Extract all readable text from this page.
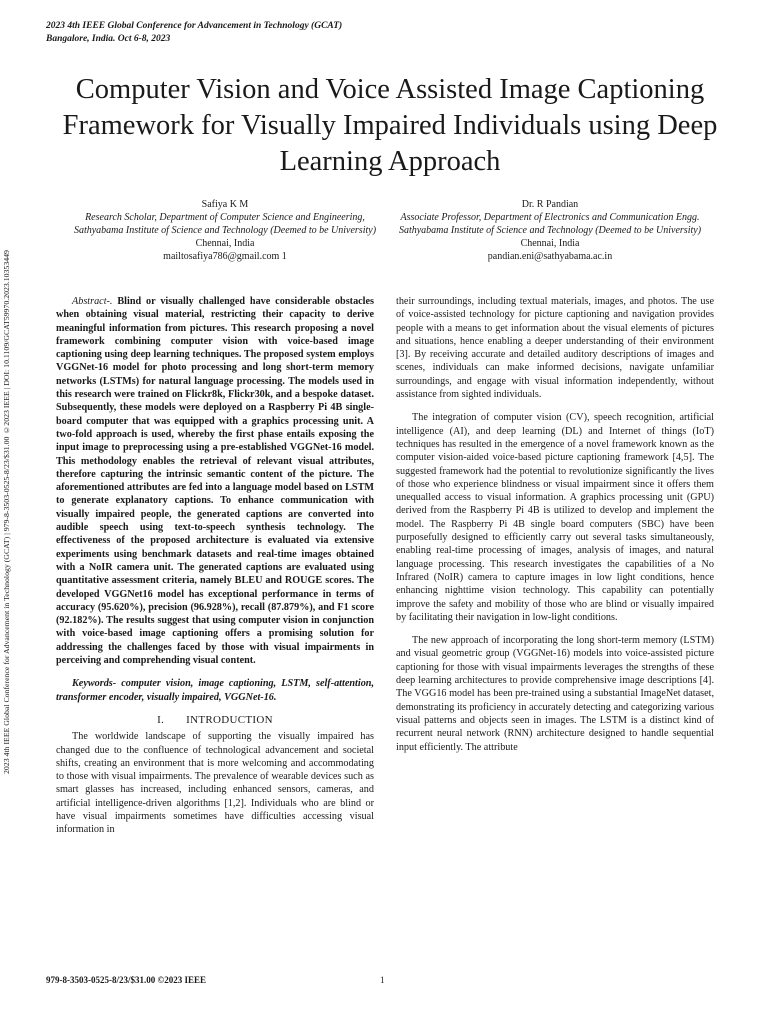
2023 4th IEEE Global Conference for Advancement in Technology (GCAT)
Bangalore, India. Oct 6-8, 2023
2023 4th IEEE Global Conference for Advancement in Technology (GCAT) | 979-8-3503-0525-8/23/$31.00 ©2023 IEEE | DOI: 10.1109/GCAT59970.2023.10353449
Computer Vision and Voice Assisted Image Captioning Framework for Visually Impaired Individuals using Deep Learning Approach
Safiya K M
Research Scholar, Department of Computer Science and Engineering, Sathyabama Institute of Science and Technology (Deemed to be University)
Chennai, India
mailtosafiya786@gmail.com 1
Dr. R Pandian
Associate Professor, Department of Electronics and Communication Engg. Sathyabama Institute of Science and Technology (Deemed to be University)
Chennai, India
pandian.eni@sathyabama.ac.in

Abstract-. Blind or visually challenged have considerable obstacles when obtaining visual material, restricting their capacity to derive meaningful information from pictures. This research proposing a novel framework combining computer vision with voice-based image captioning using deep learning techniques. The proposed system employs VGGNet-16 model for photo processing and long short-term memory networks (LSTMs) for natural language processing. The models used in this research were trained on Flickr8k, Flickr30k, and a bespoke dataset. Subsequently, these models were deployed on a Raspberry Pi 4B single-board computer that was equipped with a graphics processing unit. A two-fold approach is used, whereby the first phase entails exposing the input image to preprocessing using a pre-established VGGNet-16 model. This methodology enables the retrieval of relevant visual attributes, therefore capturing the intrinsic semantic content of the picture. The aforementioned attributes are fed into a language model based on LSTM to generate explanatory captions. To enhance communication with visually impaired people, the generated captions are converted into audible speech using text-to-speech synthesis technology. The effectiveness of the proposed architecture is evaluated via extensive experiments using benchmark datasets and real-time images obtained with a NoIR camera unit. The generated captions are evaluated using quantitative assessment criteria, namely BLEU and ROUGE scores. The developed VGGNet16 model has exceptional performance in terms of accuracy (95.620%), precision (96.928%), recall (87.879%), and F1 score (92.182%). The results suggest that using computer vision in conjunction with voice-based image captioning offers a promising solution for addressing the challenges faced by those with visual impairments in perceiving and comprehending visual content.

Keywords- computer vision, image captioning, LSTM, self-attention, transformer encoder, visually impaired, VGGNet-16.

I. INTRODUCTION

The worldwide landscape of supporting the visually impaired has changed due to the confluence of technological advancement and societal shifts, creating an environment that is more welcoming and accommodating to those with visual impairments. The prevalence of wearable devices such as smart glasses has increased, including enhanced sensors, cameras, and artificial intelligence-driven algorithms [1,2]. Individuals who are blind or have visual impairments sometimes have difficulties accessing visual information in

their surroundings, including textual materials, images, and photos. The use of voice-assisted technology for picture captioning and navigation provides people with a means to get information about the visual elements of pictures and situations, hence enabling a deeper understanding of their environment [3]. By receiving accurate and detailed auditory descriptions of images and scenes, individuals can make informed decisions, navigate unfamiliar surroundings, and engage with visual information independently, without assistance from sighted individuals.

The integration of computer vision (CV), speech recognition, artificial intelligence (AI), and deep learning (DL) and Internet of things (IoT) techniques has resulted in the emergence of a novel framework known as the computer vision-aided voice-based picture captioning framework [4,5]. The suggested framework had the potential to revolutionize significantly the lives of those who experience blindness or visual impairment since it offers them unequalled access to visual information. A graphics processing unit (GPU) derived from the Raspberry Pi 4B is utilized to develop and implement the model. The Raspberry Pi 4B single board computers (SBC) have been purposefully designed to efficiently carry out several tasks simultaneously, enabling real-time processing of images, analysis of images, and natural language processing. This research investigates the capabilities of a No Infrared (NoIR) camera to capture images in low light conditions, hence enhancing nighttime vision technology. This capability can potentially improve the safety and mobility of those who are blind or visually impaired by facilitating their navigation in low-light conditions.

The new approach of incorporating the long short-term memory (LSTM) and visual geometric group (VGGNet-16) models into voice-assisted picture captioning for those with visual impairments leverages the strengths of these deep learning architectures to provide comprehensive image descriptions [4]. The VGG16 model has been pre-trained using a substantial ImageNet dataset, demonstrating its proficiency in accurately detecting and categorizing various visual patterns and objects seen in images. The LSTM is a distinct kind of recurrent neural network (RNN) architecture designed to handle sequential input efficiently. The attribute

979-8-3503-0525-8/23/$31.00 ©2023 IEEE	1
